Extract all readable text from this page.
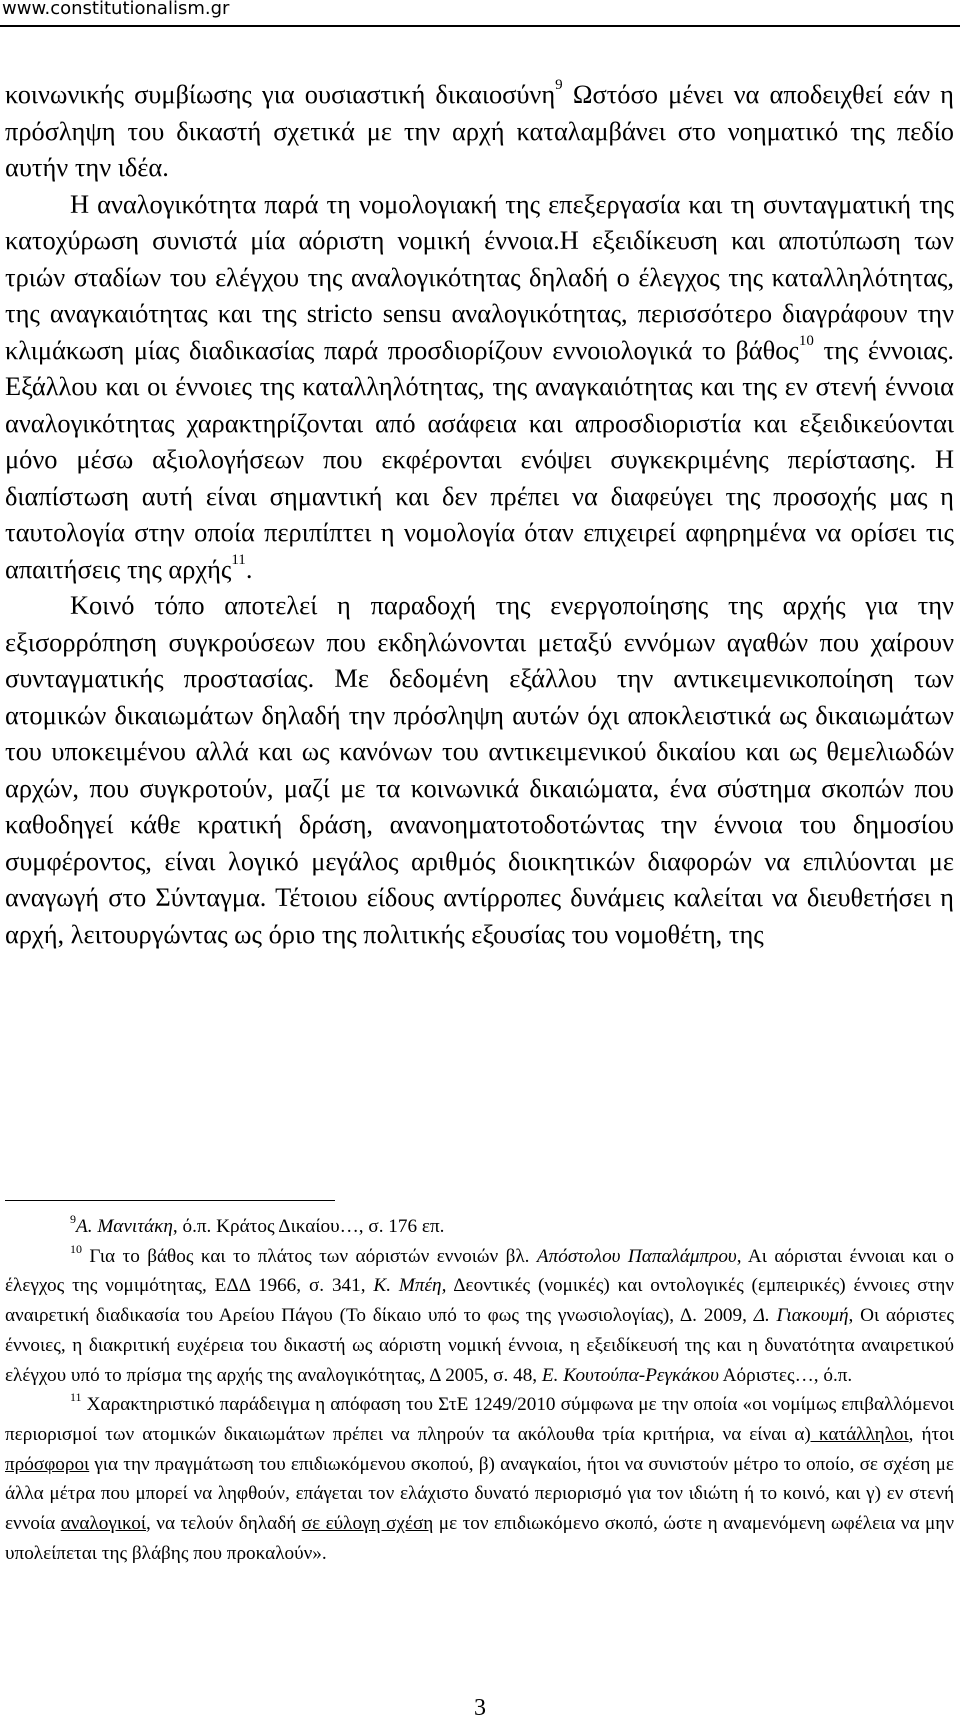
www.constitutionalism.gr

κοινωνικής συμβίωσης για ουσιαστική δικαιοσύνη$^9$ Ωστόσο μένει να αποδειχθεί εάν η πρόσληψη του δικαστή σχετικά με την αρχή καταλαμβάνει στο νοηματικό της πεδίο αυτήν την ιδέα.

Η αναλογικότητα παρά τη νομολογιακή της επεξεργασία και τη συνταγματική της κατοχύρωση συνιστά μία αόριστη νομική έννοια.Η εξειδίκευση και αποτύπωση των τριών σταδίων του ελέγχου της αναλογικότητας δηλαδή ο έλεγχος της καταλληλότητας, της αναγκαιότητας και της stricto sensu αναλογικότητας, περισσότερο διαγράφουν την κλιμάκωση μίας διαδικασίας παρά προσδιορίζουν εννοιολογικά το βάθος$^{10}$ της έννοιας. Εξάλλου και οι έννοιες της καταλληλότητας, της αναγκαιότητας και της εν στενή έννοια αναλογικότητας χαρακτηρίζονται από ασάφεια και απροσδιοριστία και εξειδικεύονται μόνο μέσω αξιολογήσεων που εκφέρονται ενόψει συγκεκριμένης περίστασης. Η διαπίστωση αυτή είναι σημαντική και δεν πρέπει να διαφεύγει της προσοχής μας η ταυτολογία στην οποία περιπίπτει η νομολογία όταν επιχειρεί αφηρημένα να ορίσει τις απαιτήσεις της αρχής$^{11}$.

Κοινό τόπο αποτελεί η παραδοχή της ενεργοποίησης της αρχής για την εξισορρόπηση συγκρούσεων που εκδηλώνονται μεταξύ εννόμων αγαθών που χαίρουν συνταγματικής προστασίας. Με δεδομένη εξάλλου την αντικειμενικοποίηση των ατομικών δικαιωμάτων δηλαδή την πρόσληψη αυτών όχι αποκλειστικά ως δικαιωμάτων του υποκειμένου αλλά και ως κανόνων του αντικειμενικού δικαίου και ως θεμελιωδών αρχών, που συγκροτούν, μαζί με τα κοινωνικά δικαιώματα, ένα σύστημα σκοπών που καθοδηγεί κάθε κρατική δράση, ανανοηματοτοδοτώντας την έννοια του δημοσίου συμφέροντος, είναι λογικό μεγάλος αριθμός διοικητικών διαφορών να επιλύονται με αναγωγή στο Σύνταγμα. Τέτοιου είδους αντίρροπες δυνάμεις καλείται να διευθετήσει η αρχή, λειτουργώντας ως όριο της πολιτικής εξουσίας του νομοθέτη, της

$^9$Α. Μανιτάκη, ό.π. Κράτος Δικαίου…, σ. 176 επ.

$^{10}$ Για το βάθος και το πλάτος των αόριστών εννοιών βλ. Απόστολου Παπαλάμπρου, Αι αόρισται έννοιαι και ο έλεγχος της νομιμότητας, ΕΔΔ 1966, σ. 341, Κ. Μπέη, Δεοντικές (νομικές) και οντολογικές (εμπειρικές) έννοιες στην αναιρετική διαδικασία του Αρείου Πάγου (Το δίκαιο υπό το φως της γνωσιολογίας), Δ. 2009, Δ. Γιακουμή, Οι αόριστες έννοιες, η διακριτική ευχέρεια του δικαστή ως αόριστη νομική έννοια, η εξειδίκευσή της και η δυνατότητα αναιρετικού ελέγχου υπό το πρίσμα της αρχής της αναλογικότητας, Δ 2005, σ. 48, Ε. Κουτούπα-Ρεγκάκου Αόριστες…, ό.π.

$^{11}$ Χαρακτηριστικό παράδειγμα η απόφαση του ΣτΕ 1249/2010 σύμφωνα με την οποία «οι νομίμως επιβαλλόμενοι περιορισμοί των ατομικών δικαιωμάτων πρέπει να πληρούν τα ακόλουθα τρία κριτήρια, να είναι α) κατάλληλοι, ήτοι πρόσφοροι για την πραγμάτωση του επιδιωκόμενου σκοπού, β) αναγκαίοι, ήτοι να συνιστούν μέτρο το οποίο, σε σχέση με άλλα μέτρα που μπορεί να ληφθούν, επάγεται τον ελάχιστο δυνατό περιορισμό για τον ιδιώτη ή το κοινό, και γ) εν στενή εννοία αναλογικοί, να τελούν δηλαδή σε εύλογη σχέση με τον επιδιωκόμενο σκοπό, ώστε η αναμενόμενη ωφέλεια να μην υπολείπεται της βλάβης που προκαλούν».

3
